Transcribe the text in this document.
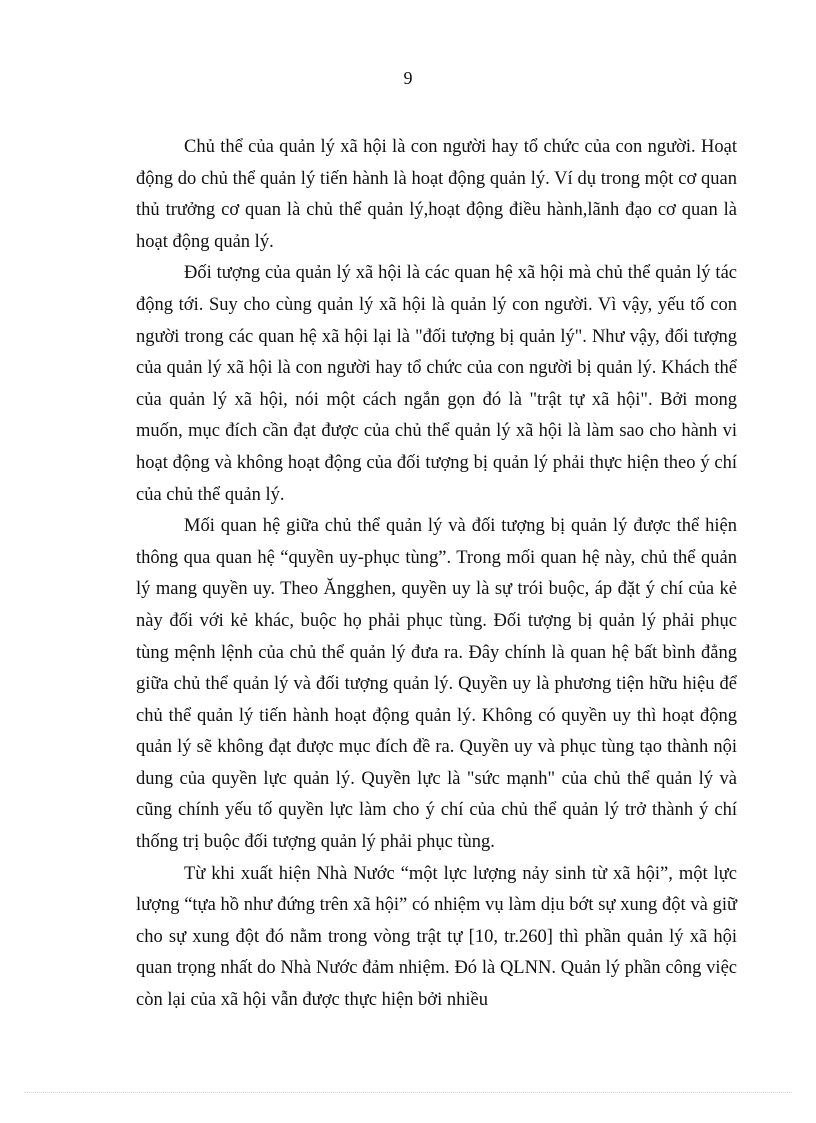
9

Chủ thể của quản lý xã hội là con người hay tổ chức của con người. Hoạt động do chủ thể quản lý tiến hành là hoạt động quản lý. Ví dụ trong một cơ quan thủ trưởng cơ quan là chủ thể quản lý,hoạt động điều hành,lãnh đạo cơ quan là hoạt động quản lý.

Đối tượng của quản lý xã hội là các quan hệ xã hội mà chủ thể quản lý tác động tới. Suy cho cùng quản lý xã hội là quản lý con người. Vì vậy, yếu tố con người trong các quan hệ xã hội lại là "đối tượng bị quản lý". Như vậy, đối tượng của quản lý xã hội là con người hay tổ chức của con người bị quản lý. Khách thể của quản lý xã hội, nói một cách ngắn gọn đó là "trật tự xã hội". Bởi mong muốn, mục đích cần đạt được của chủ thể quản lý xã hội là làm sao cho hành vi hoạt động và không hoạt động của đối tượng bị quản lý phải thực hiện theo ý chí của chủ thể quản lý.

Mối quan hệ giữa chủ thể quản lý và đối tượng bị quản lý được thể hiện thông qua quan hệ “quyền uy-phục tùng”. Trong mối quan hệ này, chủ thể quản lý mang quyền uy. Theo Ăngghen, quyền uy là sự trói buộc, áp đặt ý chí của kẻ này đối với kẻ khác, buộc họ phải phục tùng. Đối tượng bị quản lý phải phục tùng mệnh lệnh của chủ thể quản lý đưa ra. Đây chính là quan hệ bất bình đẳng giữa chủ thể quản lý và đối tượng quản lý. Quyền uy là phương tiện hữu hiệu để chủ thể quản lý tiến hành hoạt động quản lý. Không có quyền uy thì hoạt động quản lý sẽ không đạt được mục đích đề ra. Quyền uy và phục tùng tạo thành nội dung của quyền lực quản lý. Quyền lực là "sức mạnh" của chủ thể quản lý và cũng chính yếu tố quyền lực làm cho ý chí của chủ thể quản lý trở thành ý chí thống trị buộc đối tượng quản lý phải phục tùng.

Từ khi xuất hiện Nhà Nước “một lực lượng nảy sinh từ xã hội”, một lực lượng “tựa hồ như đứng trên xã hội” có nhiệm vụ làm dịu bớt sự xung đột và giữ cho sự xung đột đó nằm trong vòng trật tự [10, tr.260] thì phần quản lý xã hội quan trọng nhất do Nhà Nước đảm nhiệm. Đó là QLNN. Quản lý phần công việc còn lại của xã hội vẫn được thực hiện bởi nhiều
